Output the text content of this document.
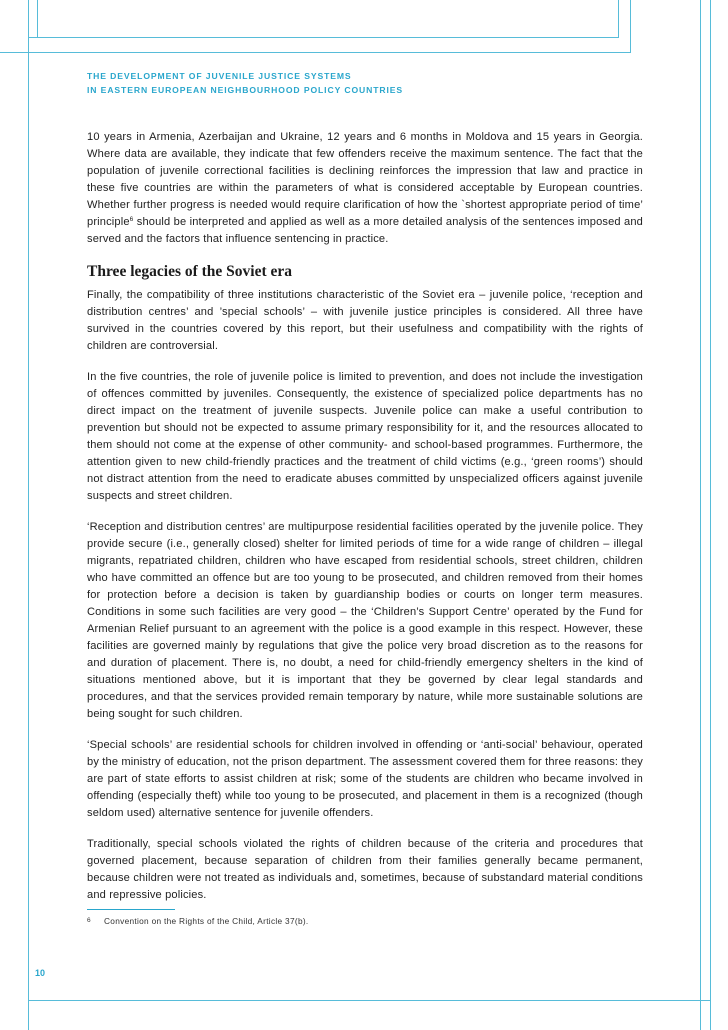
THE DEVELOPMENT OF JUVENILE JUSTICE SYSTEMS
IN EASTERN EUROPEAN NEIGHBOURHOOD POLICY COUNTRIES

10 years in Armenia, Azerbaijan and Ukraine, 12 years and 6 months in Moldova and 15 years in Georgia. Where data are available, they indicate that few offenders receive the maximum sentence. The fact that the population of juvenile correctional facilities is declining reinforces the impression that law and practice in these five countries are within the parameters of what is considered acceptable by European countries. Whether further progress is needed would require clarification of how the `shortest appropriate period of time’ principle$^6$ should be interpreted and applied as well as a more detailed analysis of the sentences imposed and served and the factors that influence sentencing in practice.

Three legacies of the Soviet era

Finally, the compatibility of three institutions characteristic of the Soviet era – juvenile police, ‘reception and distribution centres’ and ’special schools’ – with juvenile justice principles is considered. All three have survived in the countries covered by this report, but their usefulness and compatibility with the rights of children are controversial.

In the five countries, the role of juvenile police is limited to prevention, and does not include the investigation of offences committed by juveniles. Consequently, the existence of specialized police departments has no direct impact on the treatment of juvenile suspects. Juvenile police can make a useful contribution to prevention but should not be expected to assume primary responsibility for it, and the resources allocated to them should not come at the expense of other community- and school-based programmes. Furthermore, the attention given to new child-friendly practices and the treatment of child victims (e.g., ‘green rooms’) should not distract attention from the need to eradicate abuses committed by unspecialized officers against juvenile suspects and street children.

‘Reception and distribution centres’ are multipurpose residential facilities operated by the juvenile police. They provide secure (i.e., generally closed) shelter for limited periods of time for a wide range of children – illegal migrants, repatriated children, children who have escaped from residential schools, street children, children who have committed an offence but are too young to be prosecuted, and children removed from their homes for protection before a decision is taken by guardianship bodies or courts on longer term measures. Conditions in some such facilities are very good – the ‘Children’s Support Centre’ operated by the Fund for Armenian Relief pursuant to an agreement with the police is a good example in this respect. However, these facilities are governed mainly by regulations that give the police very broad discretion as to the reasons for and duration of placement. There is, no doubt, a need for child-friendly emergency shelters in the kind of situations mentioned above, but it is important that they be governed by clear legal standards and procedures, and that the services provided remain temporary by nature, while more sustainable solutions are being sought for such children.

‘Special schools’ are residential schools for children involved in offending or ‘anti-social’ behaviour, operated by the ministry of education, not the prison department. The assessment covered them for three reasons: they are part of state efforts to assist children at risk; some of the students are children who became involved in offending (especially theft) while too young to be prosecuted, and placement in them is a recognized (though seldom used) alternative sentence for juvenile offenders.

Traditionally, special schools violated the rights of children because of the criteria and procedures that governed placement, because separation of children from their families generally became permanent, because children were not treated as individuals and, sometimes, because of substandard material conditions and repressive policies.

6 Convention on the Rights of the Child, Article 37(b).
10
